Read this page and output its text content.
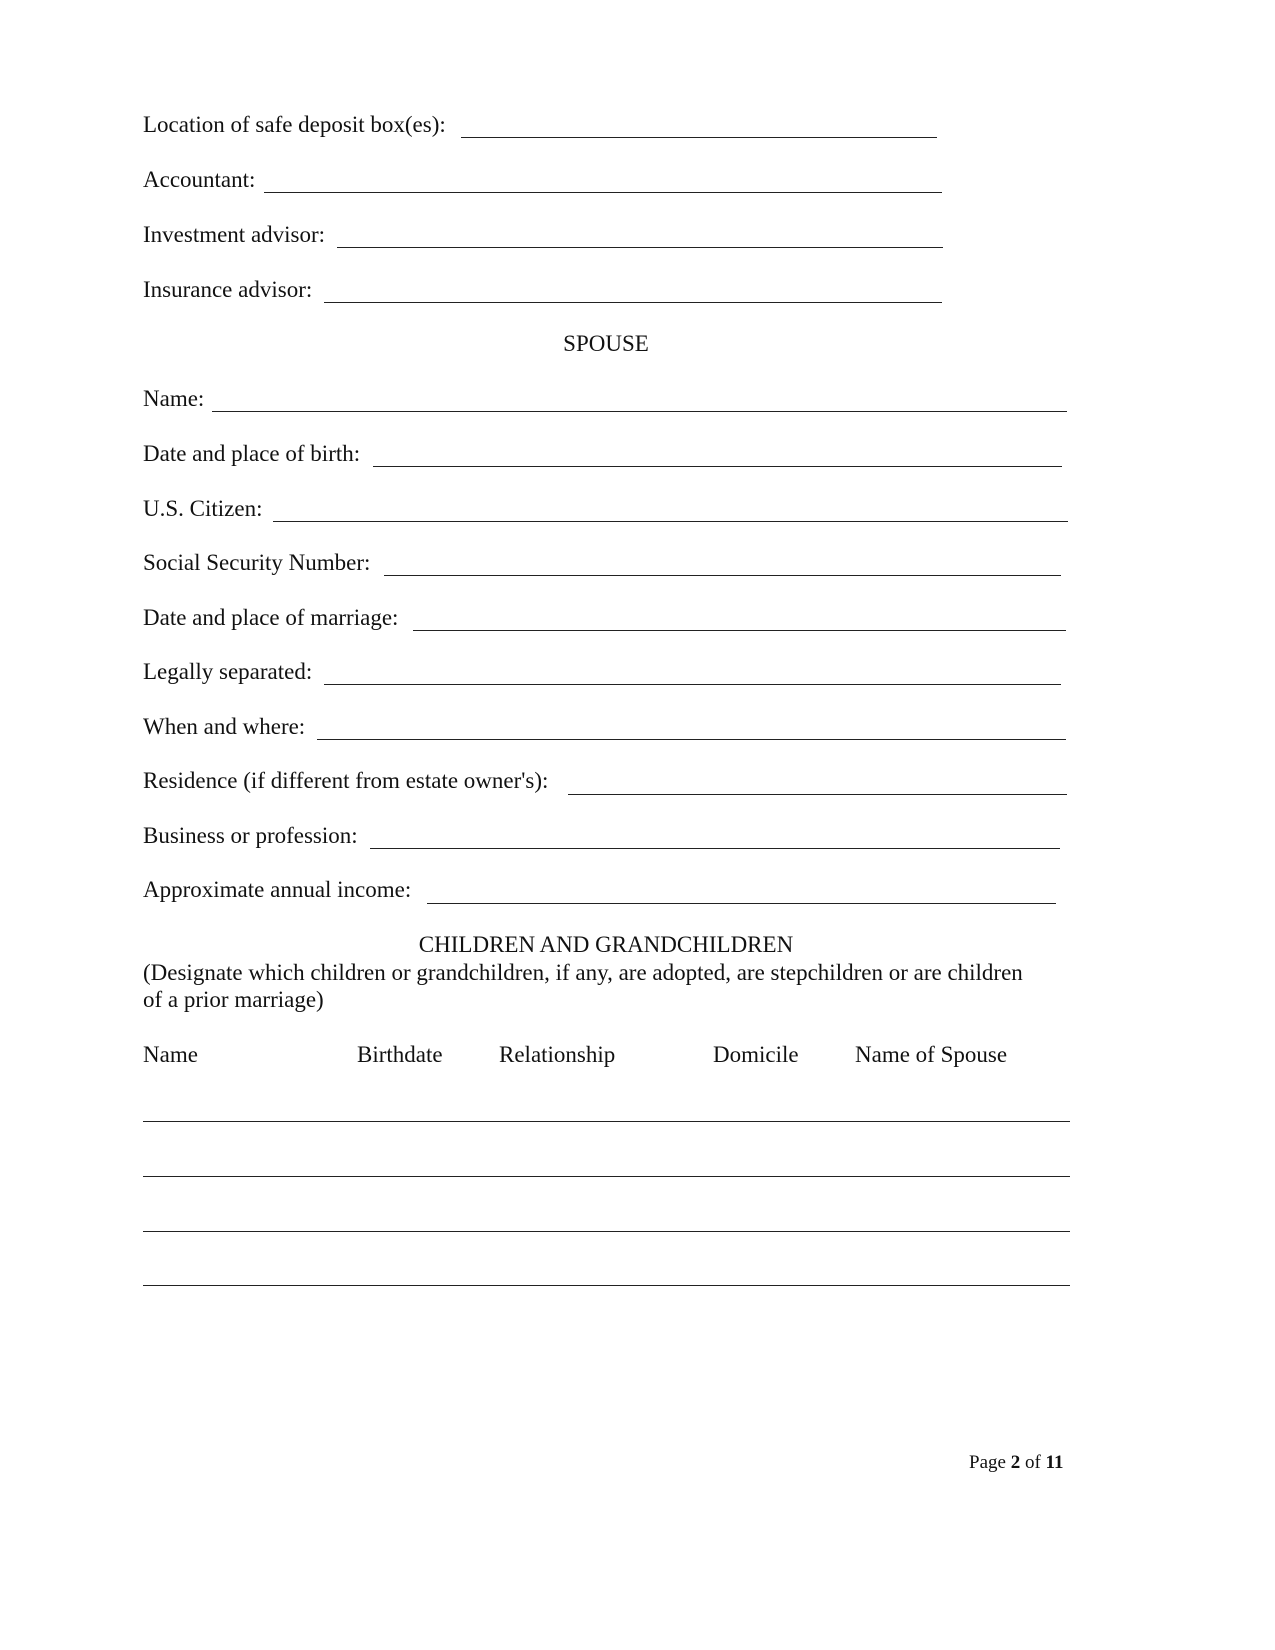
Location of safe deposit box(es):
Accountant:
Investment advisor:
Insurance advisor:
SPOUSE
Name:
Date and place of birth:
U.S. Citizen:
Social Security Number:
Date and place of marriage:
Legally separated:
When and where:
Residence (if different from estate owner's):
Business or profession:
Approximate annual income:
CHILDREN AND GRANDCHILDREN
(Designate which children or grandchildren, if any, are adopted, are stepchildren or are children
of a prior marriage)
Name	Birthdate Relationship	Domicile Name of Spouse
Page 2 of 11
